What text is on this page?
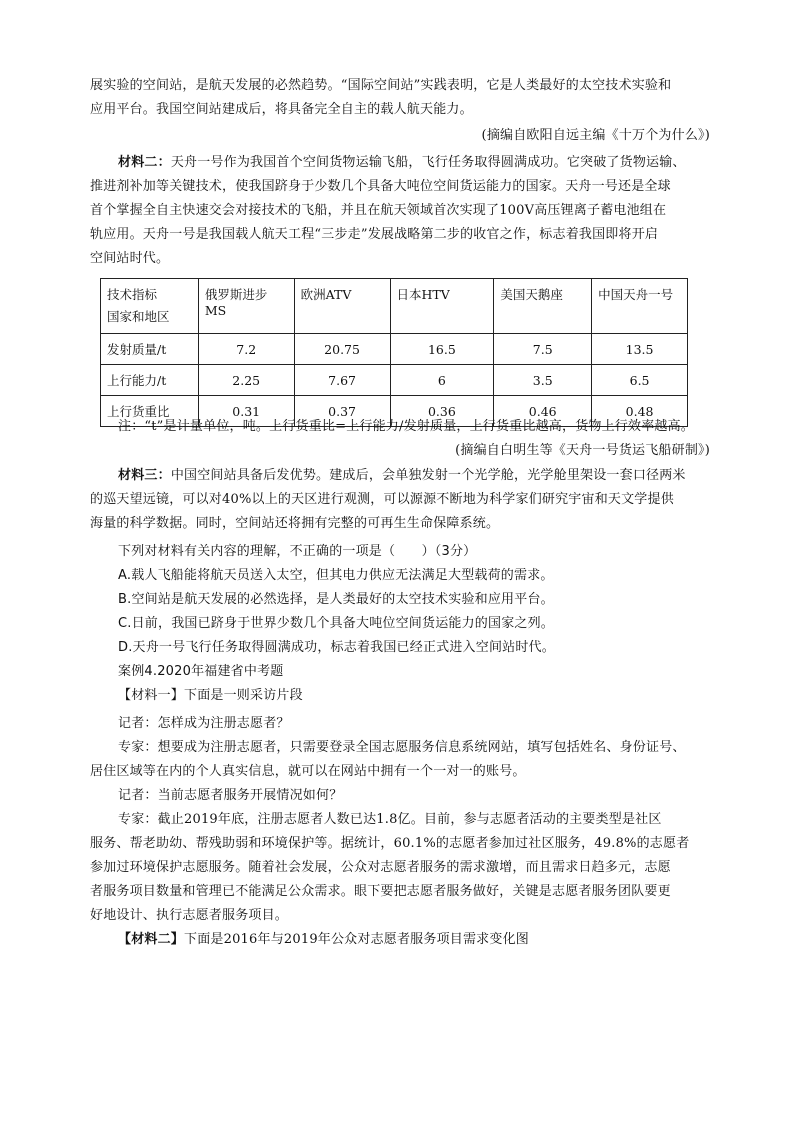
展实验的空间站，是航天发展的必然趋势。“国际空间站”实践表明，它是人类最好的太空技术实验和
应用平台。我国空间站建成后，将具备完全自主的载人航天能力。
(摘编自欧阳自远主编《十万个为什么》)
材料二：天舟一号作为我国首个空间货物运输飞船，飞行任务取得圆满成功。它突破了货物运输、
推进剂补加等关键技术，使我国跻身于少数几个具备大吨位空间货运能力的国家。天舟一号还是全球
首个掌握全自主快速交会对接技术的飞船，并且在航天领域首次实现了100V高压锂离子蓄电池组在
轨应用。天舟一号是我国载人航天工程“三步走”发展战略第二步的收官之作，标志着我国即将开启
空间站时代。
技术指标
国家和地区	俄罗斯进步MS	欧洲ATV	日本HTV	美国天鹅座	中国天舟一号
发射质量/t	7.2	20.75	16.5	7.5	13.5
上行能力/t	2.25	7.67	6	3.5	6.5
上行货重比	0.31	0.37	0.36	0.46	0.48
注：“t”是计量单位，吨。上行货重比=上行能力/发射质量，上行货重比越高，货物上行效率越高。
(摘编自白明生等《天舟一号货运飞船研制》)
材料三：中国空间站具备后发优势。建成后，会单独发射一个光学舱，光学舱里架设一套口径两米
的巡天望远镜，可以对40%以上的天区进行观测，可以源源不断地为科学家们研究宇宙和天文学提供
海量的科学数据。同时，空间站还将拥有完整的可再生生命保障系统。
下列对材料有关内容的理解，不正确的一项是（　　）（3分）
A.载人飞船能将航天员送入太空，但其电力供应无法满足大型载荷的需求。
B.空间站是航天发展的必然选择，是人类最好的太空技术实验和应用平台。
C.日前，我国已跻身于世界少数几个具备大吨位空间货运能力的国家之列。
D.天舟一号飞行任务取得圆满成功，标志着我国已经正式进入空间站时代。
案例4.2020年福建省中考题
【材料一】下面是一则采访片段
记者：怎样成为注册志愿者？
专家：想要成为注册志愿者，只需要登录全国志愿服务信息系统网站，填写包括姓名、身份证号、
居住区域等在内的个人真实信息，就可以在网站中拥有一个一对一的账号。
记者：当前志愿者服务开展情况如何？
专家：截止2019年底，注册志愿者人数已达1.8亿。目前，参与志愿者活动的主要类型是社区
服务、帮老助幼、帮残助弱和环境保护等。据统计，60.1%的志愿者参加过社区服务，49.8%的志愿者
参加过环境保护志愿服务。随着社会发展，公众对志愿者服务的需求激增，而且需求日趋多元，志愿
者服务项目数量和管理已不能满足公众需求。眼下要把志愿者服务做好，关键是志愿者服务团队要更
好地设计、执行志愿者服务项目。
【材料二】下面是2016年与2019年公众对志愿者服务项目需求变化图
